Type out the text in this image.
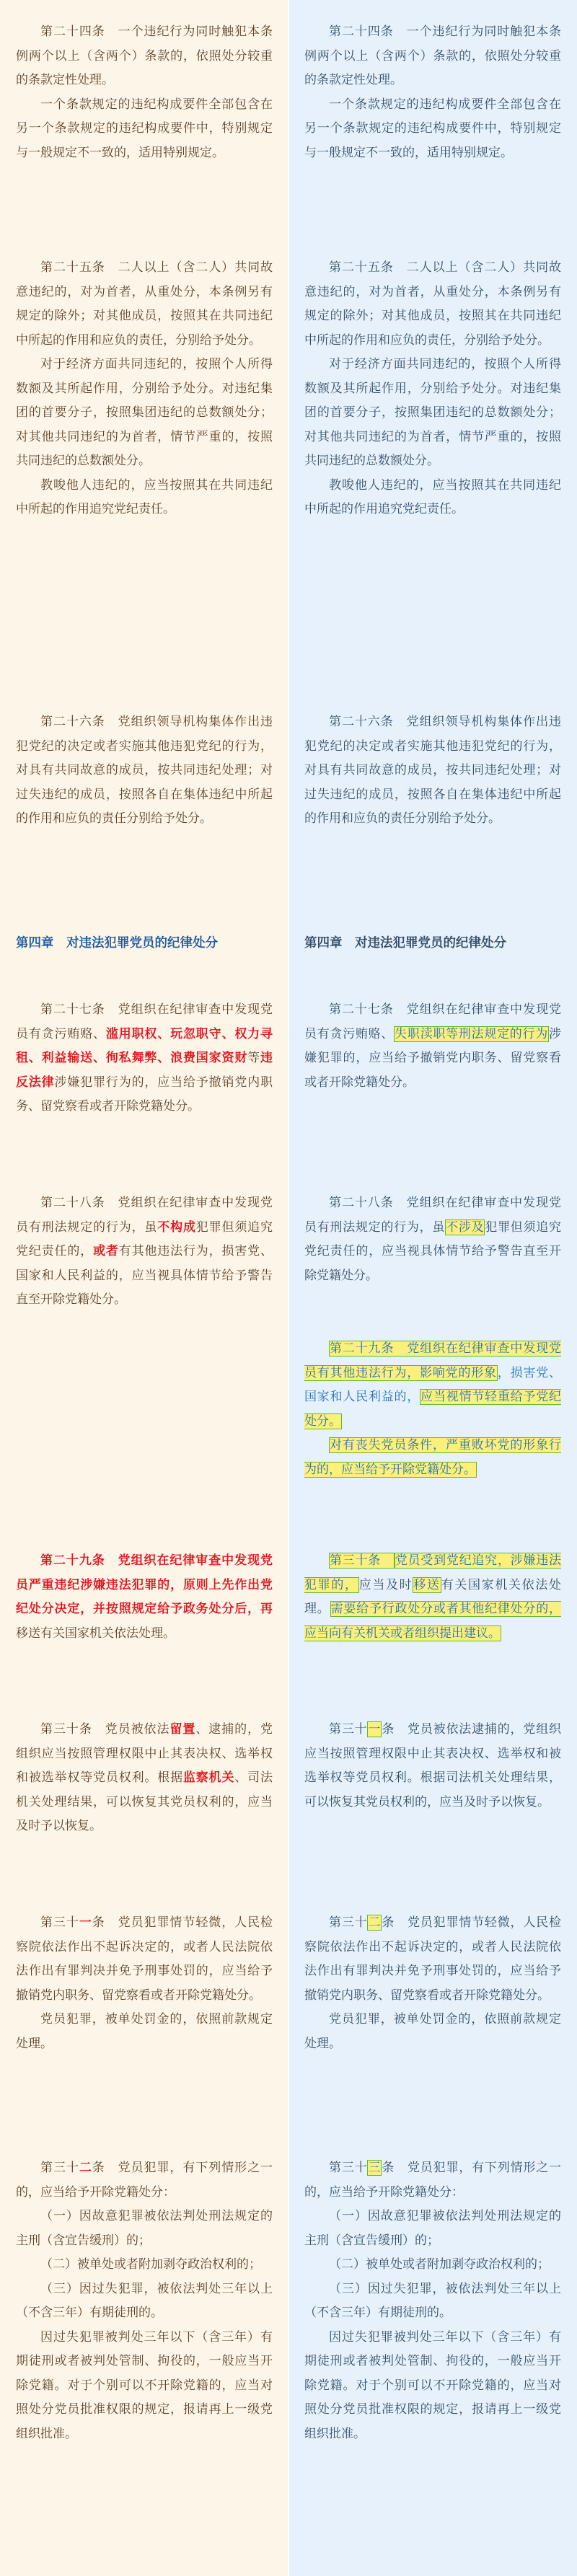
第二十四条　一个违纪行为同时触犯本条例两个以上（含两个）条款的，依照处分较重的条款定性处理。

一个条款规定的违纪构成要件全部包含在另一个条款规定的违纪构成要件中，特别规定与一般规定不一致的，适用特别规定。

第二十五条　二人以上（含二人）共同故意违纪的，对为首者，从重处分，本条例另有规定的除外；对其他成员，按照其在共同违纪中所起的作用和应负的责任，分别给予处分。

对于经济方面共同违纪的，按照个人所得数额及其所起作用，分别给予处分。对违纪集团的首要分子，按照集团违纪的总数额处分；对其他共同违纪的为首者，情节严重的，按照共同违纪的总数额处分。

教唆他人违纪的，应当按照其在共同违纪中所起的作用追究党纪责任。

第二十六条　党组织领导机构集体作出违犯党纪的决定或者实施其他违犯党纪的行为，对具有共同故意的成员，按共同违纪处理；对过失违纪的成员，按照各自在集体违纪中所起的作用和应负的责任分别给予处分。

第四章　对违法犯罪党员的纪律处分

第二十七条　党组织在纪律审查中发现党员有贪污贿赂、滥用职权、玩忽职守、权力寻租、利益输送、徇私舞弊、浪费国家资财等违反法律涉嫌犯罪行为的，应当给予撤销党内职务、留党察看或者开除党籍处分。

第二十八条　党组织在纪律审查中发现党员有刑法规定的行为，虽不构成犯罪但须追究党纪责任的，或者有其他违法行为，损害党、国家和人民利益的，应当视具体情节给予警告直至开除党籍处分。

第二十九条　党组织在纪律审查中发现党员严重违纪涉嫌违法犯罪的，原则上先作出党纪处分决定，并按照规定给予政务处分后，再移送有关国家机关依法处理。

第三十条　党员被依法留置、逮捕的，党组织应当按照管理权限中止其表决权、选举权和被选举权等党员权利。根据监察机关、司法机关处理结果，可以恢复其党员权利的，应当及时予以恢复。

第三十一条　党员犯罪情节轻微，人民检察院依法作出不起诉决定的，或者人民法院依法作出有罪判决并免予刑事处罚的，应当给予撤销党内职务、留党察看或者开除党籍处分。

党员犯罪，被单处罚金的，依照前款规定处理。

第三十二条　党员犯罪，有下列情形之一的，应当给予开除党籍处分：

（一）因故意犯罪被依法判处刑法规定的主刑（含宣告缓刑）的；

（二）被单处或者附加剥夺政治权利的；

（三）因过失犯罪，被依法判处三年以上（不含三年）有期徒刑的。

因过失犯罪被判处三年以下（含三年）有期徒刑或者被判处管制、拘役的，一般应当开除党籍。对于个别可以不开除党籍的，应当对照处分党员批准权限的规定，报请再上一级党组织批准。

第二十四条　一个违纪行为同时触犯本条例两个以上（含两个）条款的，依照处分较重的条款定性处理。

一个条款规定的违纪构成要件全部包含在另一个条款规定的违纪构成要件中，特别规定与一般规定不一致的，适用特别规定。

第二十五条　二人以上（含二人）共同故意违纪的，对为首者，从重处分，本条例另有规定的除外；对其他成员，按照其在共同违纪中所起的作用和应负的责任，分别给予处分。

对于经济方面共同违纪的，按照个人所得数额及其所起作用，分别给予处分。对违纪集团的首要分子，按照集团违纪的总数额处分；对其他共同违纪的为首者，情节严重的，按照共同违纪的总数额处分。

教唆他人违纪的，应当按照其在共同违纪中所起的作用追究党纪责任。

第二十六条　党组织领导机构集体作出违犯党纪的决定或者实施其他违犯党纪的行为，对具有共同故意的成员，按共同违纪处理；对过失违纪的成员，按照各自在集体违纪中所起的作用和应负的责任分别给予处分。

第四章　对违法犯罪党员的纪律处分

第二十七条　党组织在纪律审查中发现党员有贪污贿赂、失职渎职等刑法规定的行为涉嫌犯罪的，应当给予撤销党内职务、留党察看或者开除党籍处分。

第二十八条　党组织在纪律审查中发现党员有刑法规定的行为，虽不涉及犯罪但须追究党纪责任的，应当视具体情节给予警告直至开除党籍处分。

第二十九条　党组织在纪律审查中发现党员有其他违法行为，影响党的形象，损害党、国家和人民利益的，应当视情节轻重给予党纪处分。

对有丧失党员条件，严重败坏党的形象行为的，应当给予开除党籍处分。

第三十条　党员受到党纪追究，涉嫌违法犯罪的，应当及时移送有关国家机关依法处理。需要给予行政处分或者其他纪律处分的，应当向有关机关或者组织提出建议。

第三十一条　党员被依法逮捕的，党组织应当按照管理权限中止其表决权、选举权和被选举权等党员权利。根据司法机关处理结果，可以恢复其党员权利的，应当及时予以恢复。

第三十二条　党员犯罪情节轻微，人民检察院依法作出不起诉决定的，或者人民法院依法作出有罪判决并免予刑事处罚的，应当给予撤销党内职务、留党察看或者开除党籍处分。

党员犯罪，被单处罚金的，依照前款规定处理。

第三十三条　党员犯罪，有下列情形之一的，应当给予开除党籍处分：

（一）因故意犯罪被依法判处刑法规定的主刑（含宣告缓刑）的；

（二）被单处或者附加剥夺政治权利的；

（三）因过失犯罪，被依法判处三年以上（不含三年）有期徒刑的。

因过失犯罪被判处三年以下（含三年）有期徒刑或者被判处管制、拘役的，一般应当开除党籍。对于个别可以不开除党籍的，应当对照处分党员批准权限的规定，报请再上一级党组织批准。
